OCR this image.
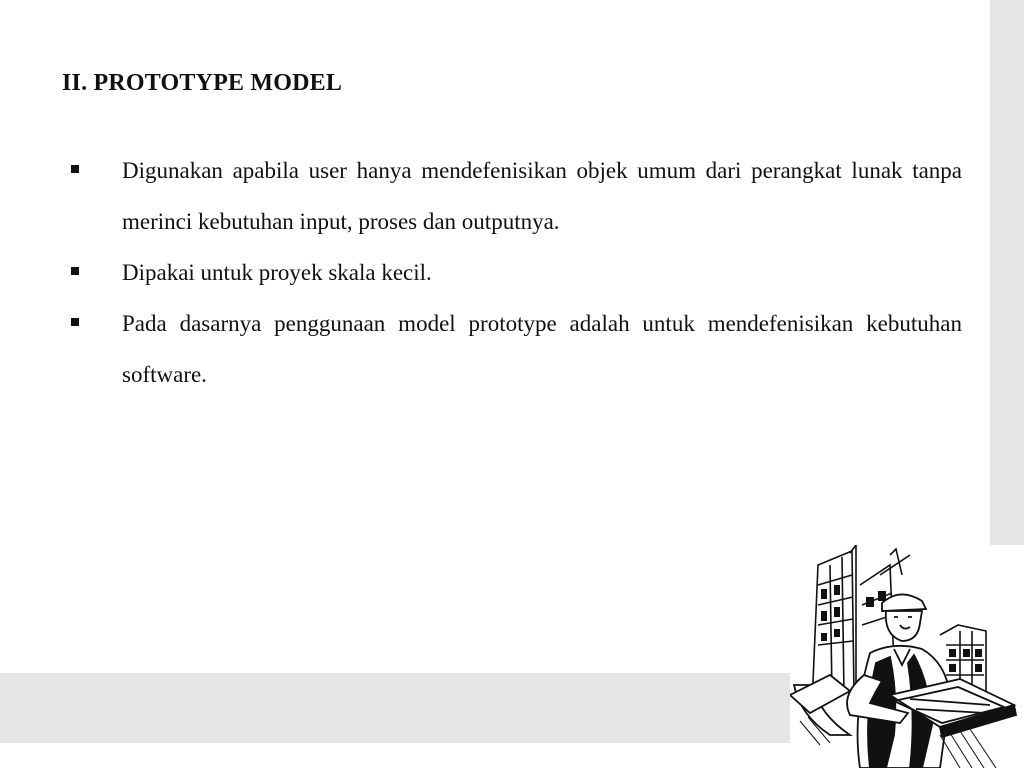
II. PROTOTYPE MODEL
Digunakan apabila user hanya mendefenisikan objek umum dari perangkat lunak tanpa merinci kebutuhan input, proses dan outputnya.
Dipakai untuk proyek skala kecil.
Pada dasarnya penggunaan model prototype adalah untuk mendefenisikan kebutuhan software.
